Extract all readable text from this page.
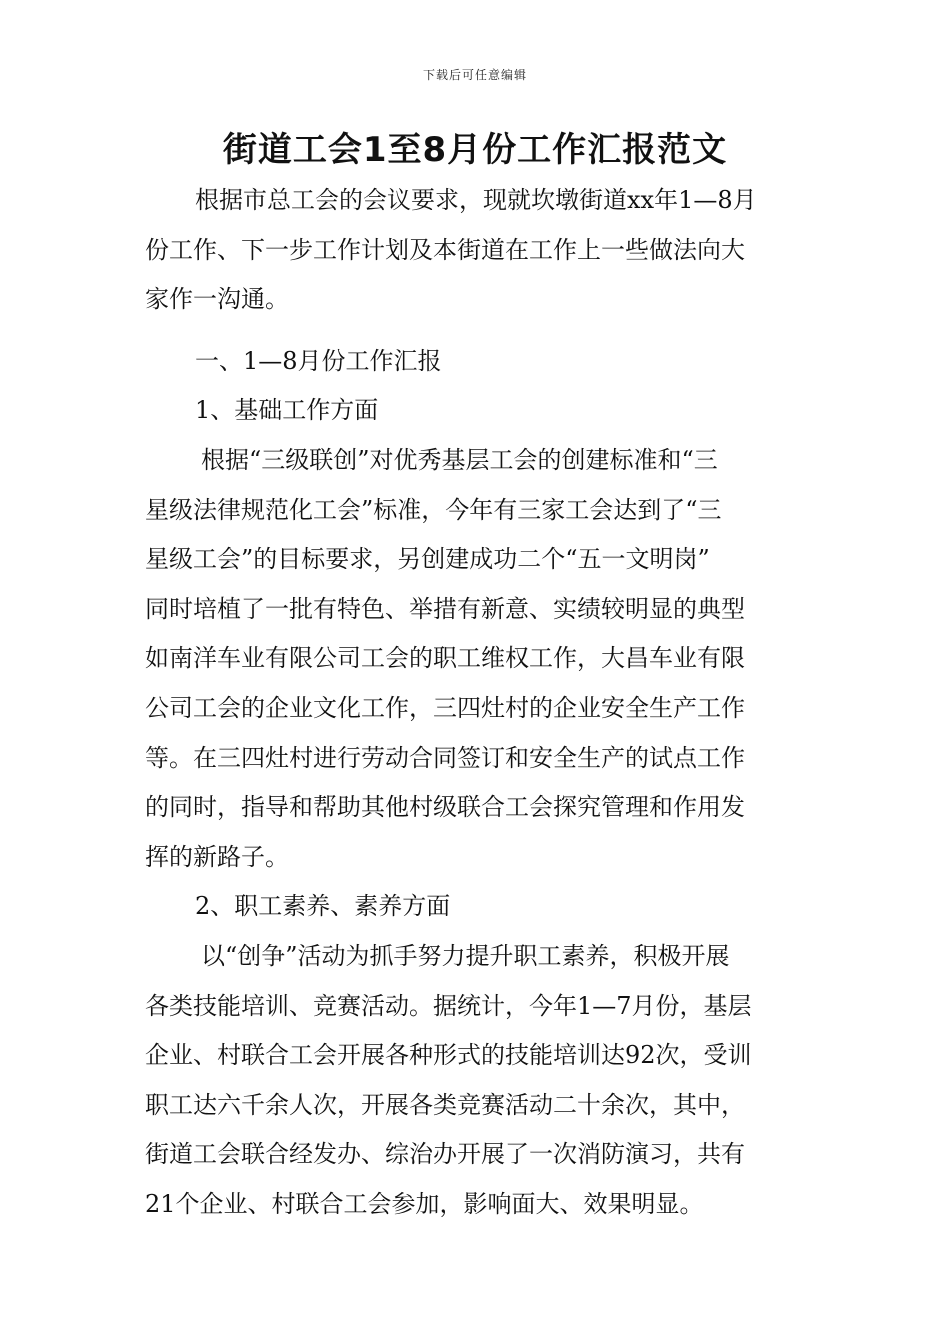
下载后可任意编辑
街道工会1至8月份工作汇报范文
根据市总工会的会议要求，现就坎墩街道xx年1—8月
份工作、下一步工作计划及本街道在工作上一些做法向大
家作一沟通。
一、1—8月份工作汇报
1、基础工作方面
根据“三级联创”对优秀基层工会的创建标准和“三
星级法律规范化工会”标准，今年有三家工会达到了“三
星级工会”的目标要求，另创建成功二个“五一文明岗”
同时培植了一批有特色、举措有新意、实绩较明显的典型
如南洋车业有限公司工会的职工维权工作，大昌车业有限
公司工会的企业文化工作，三四灶村的企业安全生产工作
等。在三四灶村进行劳动合同签订和安全生产的试点工作
的同时，指导和帮助其他村级联合工会探究管理和作用发
挥的新路子。
2、职工素养、素养方面
以“创争”活动为抓手努力提升职工素养，积极开展
各类技能培训、竞赛活动。据统计，今年1—7月份，基层
企业、村联合工会开展各种形式的技能培训达92次，受训
职工达六千余人次，开展各类竞赛活动二十余次，其中，
街道工会联合经发办、综治办开展了一次消防演习，共有
21个企业、村联合工会参加，影响面大、效果明显。
